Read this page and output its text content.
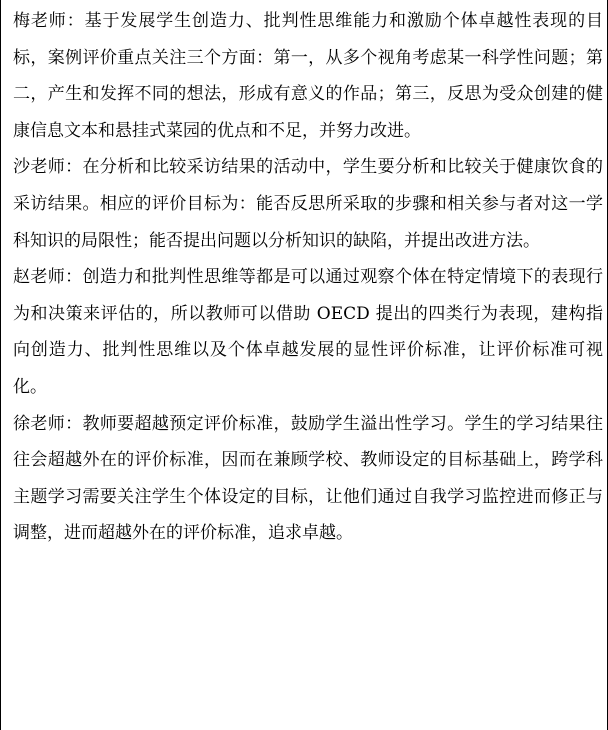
梅老师：基于发展学生创造力、批判性思维能力和激励个体卓越性表现的目标，案例评价重点关注三个方面：第一，从多个视角考虑某一科学性问题；第二，产生和发挥不同的想法，形成有意义的作品；第三，反思为受众创建的健康信息文本和悬挂式菜园的优点和不足，并努力改进。

沙老师：在分析和比较采访结果的活动中，学生要分析和比较关于健康饮食的采访结果。相应的评价目标为：能否反思所采取的步骤和相关参与者对这一学科知识的局限性；能否提出问题以分析知识的缺陷，并提出改进方法。

赵老师：创造力和批判性思维等都是可以通过观察个体在特定情境下的表现行为和决策来评估的，所以教师可以借助 OECD 提出的四类行为表现，建构指向创造力、批判性思维以及个体卓越发展的显性评价标准，让评价标准可视化。

徐老师：教师要超越预定评价标准，鼓励学生溢出性学习。学生的学习结果往往会超越外在的评价标准，因而在兼顾学校、教师设定的目标基础上，跨学科主题学习需要关注学生个体设定的目标，让他们通过自我学习监控进而修正与调整，进而超越外在的评价标准，追求卓越。
